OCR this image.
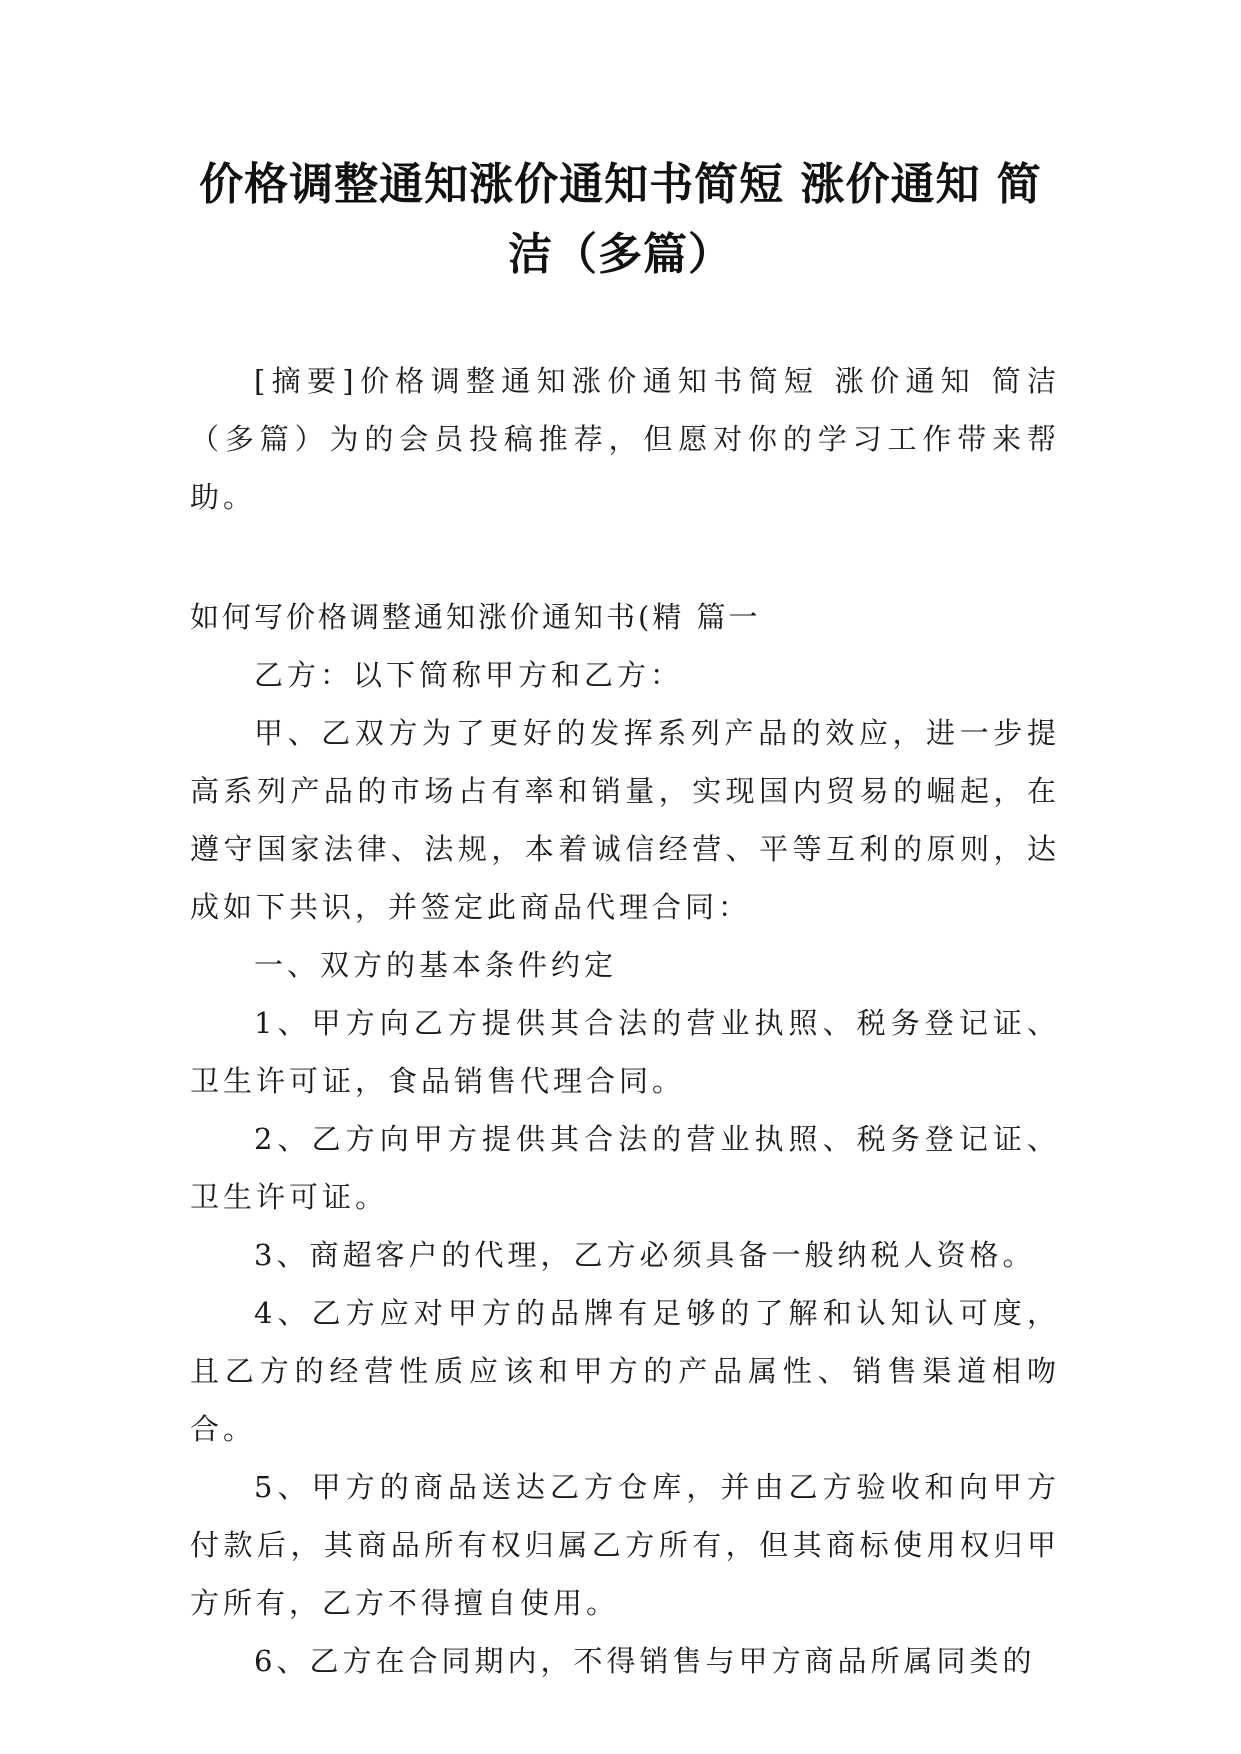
价格调整通知涨价通知书简短 涨价通知 简洁（多篇）

[摘要]价格调整通知涨价通知书简短 涨价通知 简洁（多篇）为的会员投稿推荐，但愿对你的学习工作带来帮助。

如何写价格调整通知涨价通知书(精 篇一

乙方：以下简称甲方和乙方：

甲、乙双方为了更好的发挥系列产品的效应，进一步提高系列产品的市场占有率和销量，实现国内贸易的崛起，在遵守国家法律、法规，本着诚信经营、平等互利的原则，达成如下共识，并签定此商品代理合同：

一、双方的基本条件约定

1、甲方向乙方提供其合法的营业执照、税务登记证、卫生许可证，食品销售代理合同。

2、乙方向甲方提供其合法的营业执照、税务登记证、卫生许可证。

3、商超客户的代理，乙方必须具备一般纳税人资格。

4、乙方应对甲方的品牌有足够的了解和认知认可度，且乙方的经营性质应该和甲方的产品属性、销售渠道相吻合。

5、甲方的商品送达乙方仓库，并由乙方验收和向甲方付款后，其商品所有权归属乙方所有，但其商标使用权归甲方所有，乙方不得擅自使用。

6、乙方在合同期内，不得销售与甲方商品所属同类的
